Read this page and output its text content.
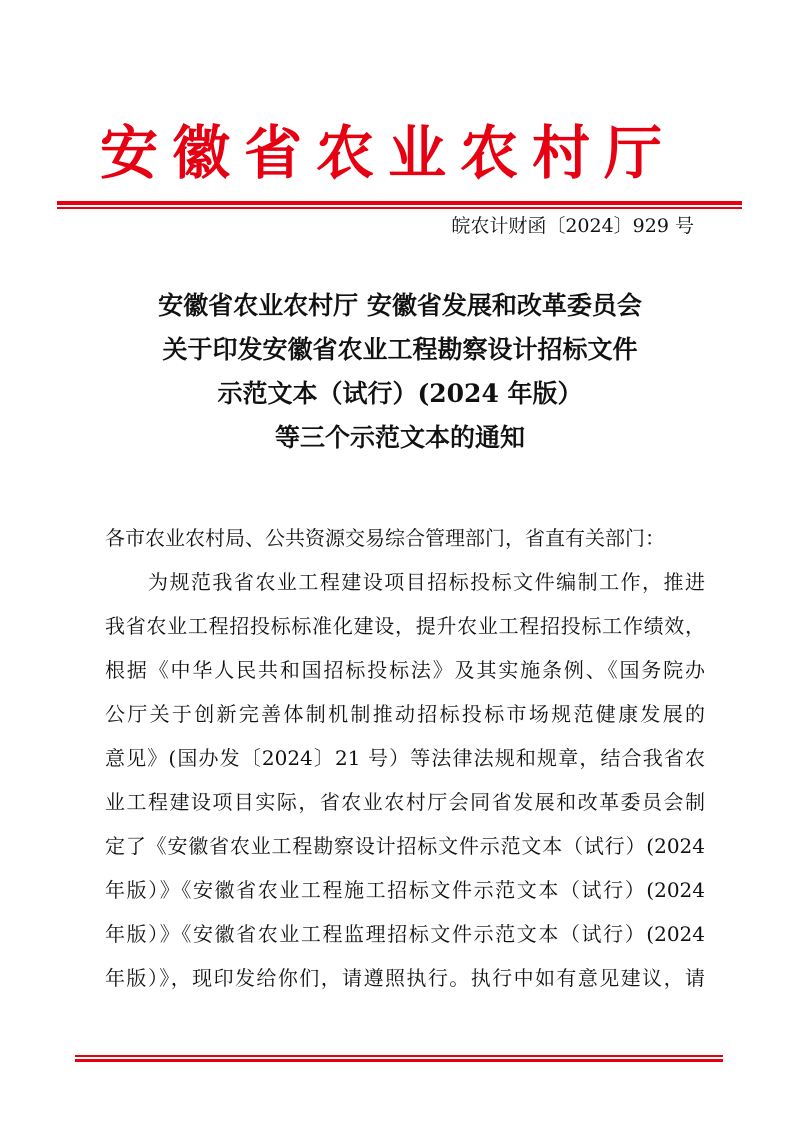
安徽省农业农村厅
皖农计财函〔2024〕929 号
安徽省农业农村厅 安徽省发展和改革委员会
关于印发安徽省农业工程勘察设计招标文件
示范文本（试行）(2024 年版）
等三个示范文本的通知
各市农业农村局、公共资源交易综合管理部门，省直有关部门：
　　为规范我省农业工程建设项目招标投标文件编制工作，推进
我省农业工程招投标标准化建设，提升农业工程招投标工作绩效，
根据《中华人民共和国招标投标法》及其实施条例、《国务院办
公厅关于创新完善体制机制推动招标投标市场规范健康发展的
意见》(国办发〔2024〕21 号）等法律法规和规章，结合我省农
业工程建设项目实际，省农业农村厅会同省发展和改革委员会制
定了《安徽省农业工程勘察设计招标文件示范文本（试行）(2024
年版）》《安徽省农业工程施工招标文件示范文本（试行）(2024
年版）》《安徽省农业工程监理招标文件示范文本（试行）(2024
年版）》，现印发给你们，请遵照执行。执行中如有意见建议，请
